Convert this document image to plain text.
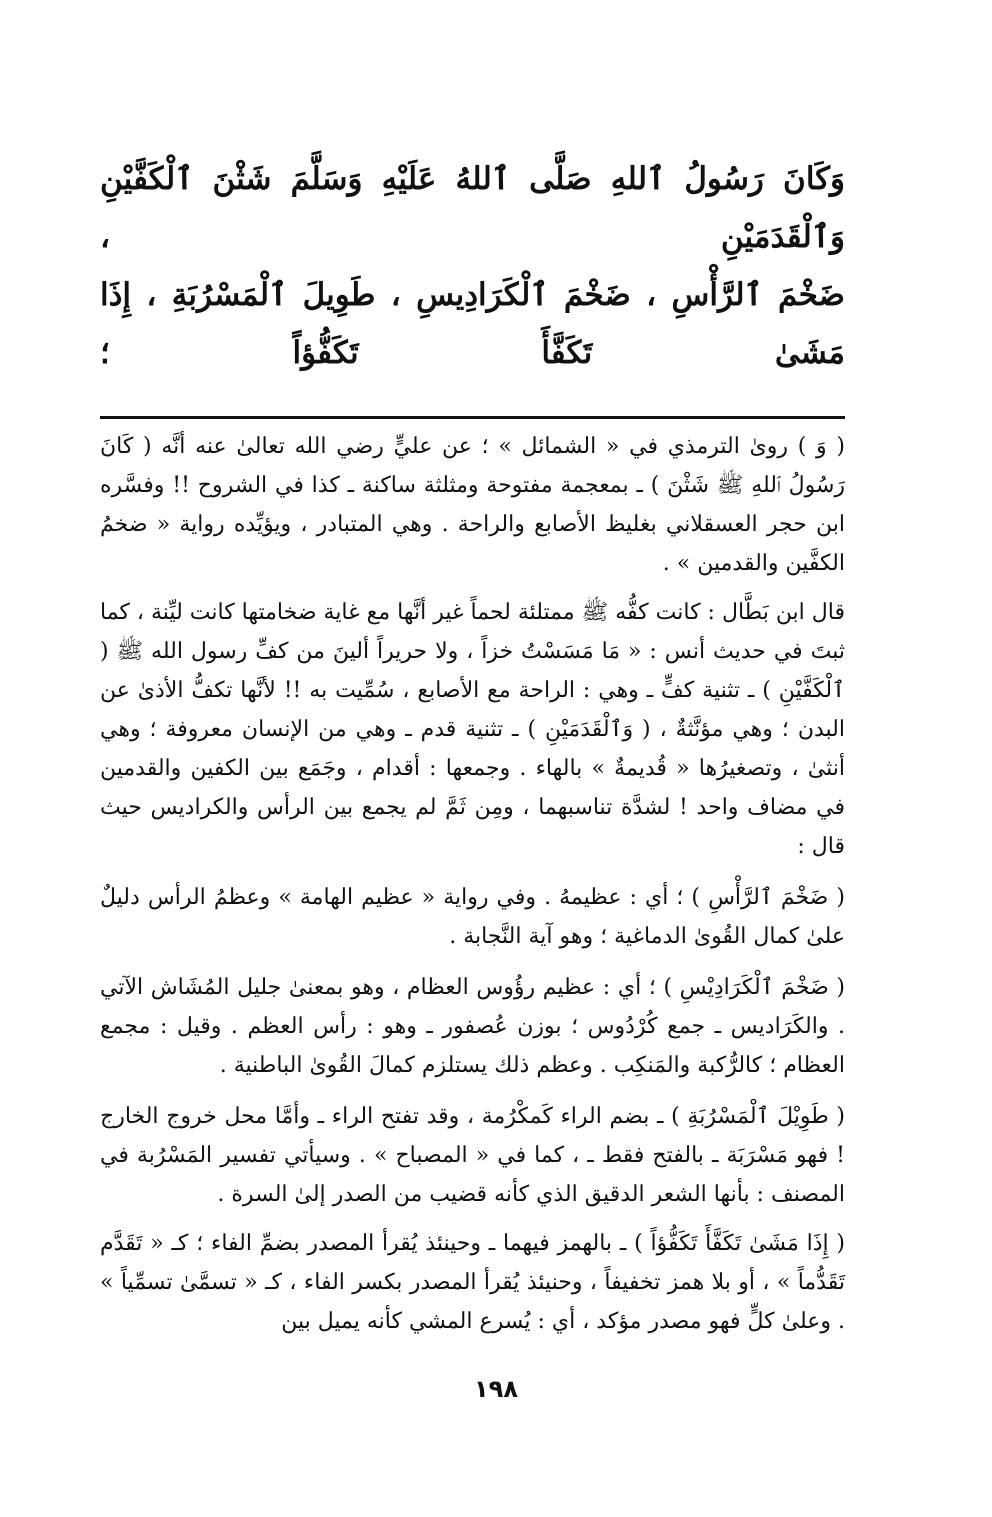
وَكَانَ رَسُولُ ٱللهِ صَلَّى ٱللهُ عَلَيْهِ وَسَلَّمَ شَثْنَ ٱلْكَفَّيْنِ وَٱلْقَدَمَيْنِ ،

ضَخْمَ ٱلرَّأْسِ ، ضَخْمَ ٱلْكَرَادِيسِ ، طَوِيلَ ٱلْمَسْرُبَةِ ، إِذَا مَشَىٰ تَكَفَّأَ تَكَفُّؤاً ؛

( وَ ) روىٰ الترمذي في « الشمائل » ؛ عن عليٍّ رضي الله تعالىٰ عنه أنَّه ( كَانَ رَسُولُ ٱللهِ ﷺ شَثْنَ ) ـ بمعجمة مفتوحة ومثلثة ساكنة ـ كذا في الشروح !! وفسَّره ابن حجر العسقلاني بغليظ الأصابع والراحة . وهي المتبادر ، ويؤيِّده رواية « ضخمُ الكفَّين والقدمين » .

قال ابن بَطَّال : كانت كفُّه ﷺ ممتلئة لحماً غير أنَّها مع غاية ضخامتها كانت ليِّنة ، كما ثبتَ في حديث أنس : « مَا مَسَسْتُ خزاً ، ولا حريراً ألينَ من كفِّ رسول الله ﷺ ( ٱلْكَفَّيْنِ ) ـ تثنية كفٍّ ـ وهي : الراحة مع الأصابع ، سُمِّيت به !! لأنَّها تكفُّ الأذىٰ عن البدن ؛ وهي مؤنَّثةٌ ، ( وَٱلْقَدَمَيْنِ ) ـ تثنية قدم ـ وهي من الإنسان معروفة ؛ وهي أنثىٰ ، وتصغيرُها « قُديمةٌ » بالهاء . وجمعها : أقدام ، وجَمَع بين الكفين والقدمين في مضاف واحد ! لشدَّة تناسبهما ، ومِن ثَمَّ لم يجمع بين الرأس والكراديس حيث قال :

( ضَخْمَ ٱلرَّأْسِ ) ؛ أي : عظيمهُ . وفي رواية « عظيم الهامة » وعظمُ الرأس دليلٌ علىٰ كمال القُوىٰ الدماغية ؛ وهو آية النَّجابة .

( ضَخْمَ ٱلْكَرَادِيْسِ ) ؛ أي : عظيم رؤُوس العظام ، وهو بمعنىٰ جليل المُشَاش الآتي . والكَرَاديس ـ جمع كُرْدُوس ؛ بوزن عُصفور ـ وهو : رأس العظم . وقيل : مجمع العظام ؛ كالرُّكبة والمَنكِب . وعظم ذلك يستلزم كمالَ القُوىٰ الباطنية .

( طَوِيْلَ ٱلْمَسْرُبَةِ ) ـ بضم الراء كَمكْرُمة ، وقد تفتح الراء ـ وأمَّا محل خروج الخارج ! فهو مَسْرَبَة ـ بالفتح فقط ـ ، كما في « المصباح » . وسيأتي تفسير المَسْرُبة في المصنف : بأنها الشعر الدقيق الذي كأنه قضيب من الصدر إلىٰ السرة .

( إِذَا مَشَىٰ تَكَفَّأَ تَكَفُّؤاً ) ـ بالهمز فيهما ـ وحينئذ يُقرأ المصدر بضمِّ الفاء ؛ كـ « تَقَدَّم تَقَدُّماً » ، أو بلا همز تخفيفاً ، وحنيئذ يُقرأ المصدر بكسر الفاء ، كـ « تسمَّىٰ تسمِّياً » . وعلىٰ كلٍّ فهو مصدر مؤكد ، أي : يُسرع المشي كأنه يميل بين

١٩٨
